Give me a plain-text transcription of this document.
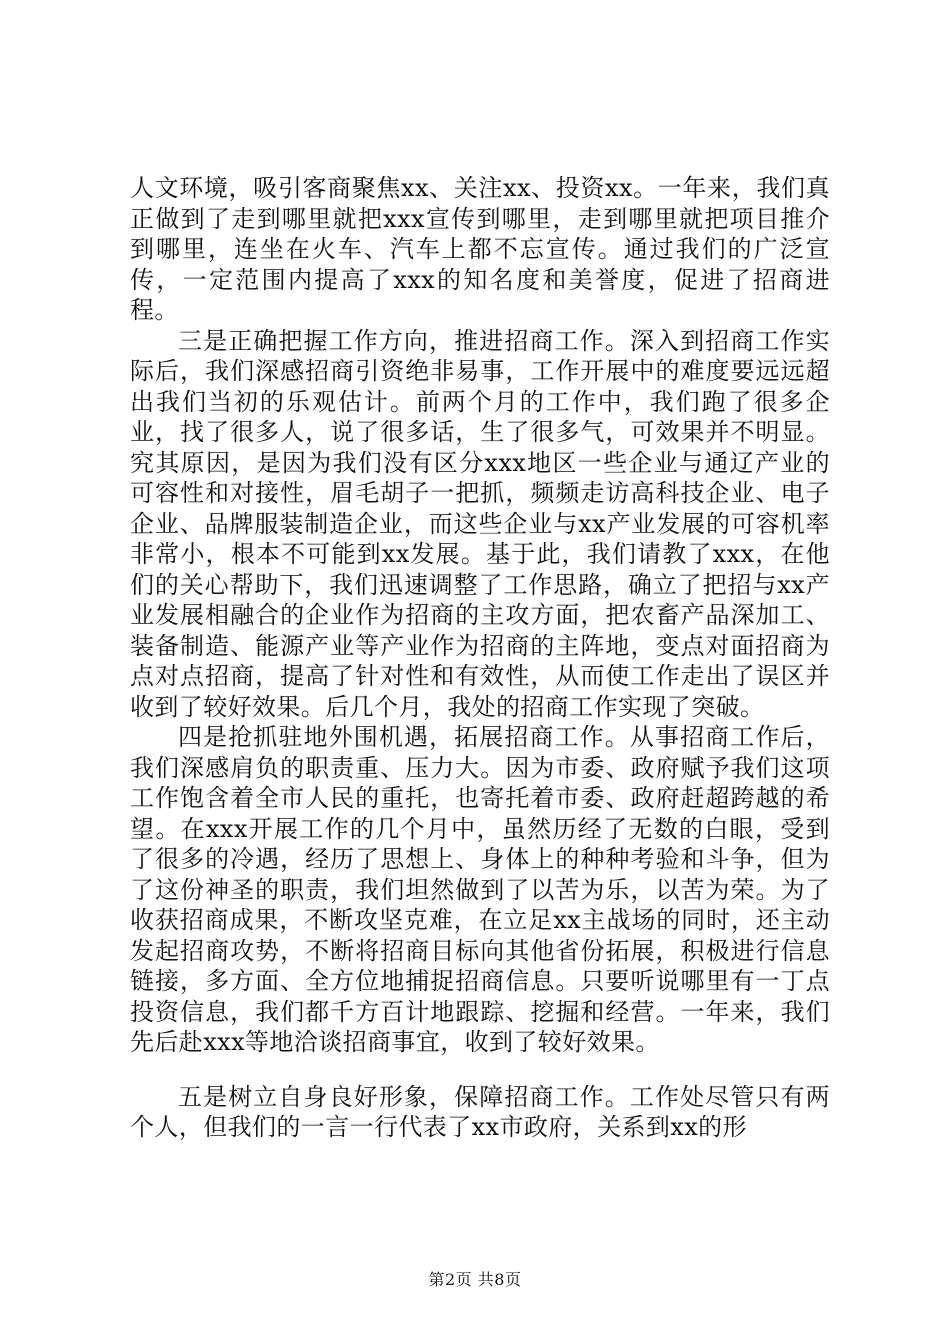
人文环境，吸引客商聚焦xx、关注xx、投资xx。一年来，我们真正做到了走到哪里就把xxx宣传到哪里，走到哪里就把项目推介到哪里，连坐在火车、汽车上都不忘宣传。通过我们的广泛宣传，一定范围内提高了xxx的知名度和美誉度，促进了招商进程。

三是正确把握工作方向，推进招商工作。深入到招商工作实际后，我们深感招商引资绝非易事，工作开展中的难度要远远超出我们当初的乐观估计。前两个月的工作中，我们跑了很多企业，找了很多人，说了很多话，生了很多气，可效果并不明显。究其原因，是因为我们没有区分xxx地区一些企业与通辽产业的可容性和对接性，眉毛胡子一把抓，频频走访高科技企业、电子企业、品牌服装制造企业，而这些企业与xx产业发展的可容机率非常小，根本不可能到xx发展。基于此，我们请教了xxx，在他们的关心帮助下，我们迅速调整了工作思路，确立了把招与xx产业发展相融合的企业作为招商的主攻方面，把农畜产品深加工、装备制造、能源产业等产业作为招商的主阵地，变点对面招商为点对点招商，提高了针对性和有效性，从而使工作走出了误区并收到了较好效果。后几个月，我处的招商工作实现了突破。

四是抢抓驻地外围机遇，拓展招商工作。从事招商工作后，我们深感肩负的职责重、压力大。因为市委、政府赋予我们这项工作饱含着全市人民的重托，也寄托着市委、政府赶超跨越的希望。在xxx开展工作的几个月中，虽然历经了无数的白眼，受到了很多的冷遇，经历了思想上、身体上的种种考验和斗争，但为了这份神圣的职责，我们坦然做到了以苦为乐，以苦为荣。为了收获招商成果，不断攻坚克难，在立足xx主战场的同时，还主动发起招商攻势，不断将招商目标向其他省份拓展，积极进行信息链接，多方面、全方位地捕捉招商信息。只要听说哪里有一丁点投资信息，我们都千方百计地跟踪、挖掘和经营。一年来，我们先后赴xxx等地洽谈招商事宜，收到了较好效果。

五是树立自身良好形象，保障招商工作。工作处尽管只有两个人，但我们的一言一行代表了xx市政府，关系到xx的形

第2页 共8页
